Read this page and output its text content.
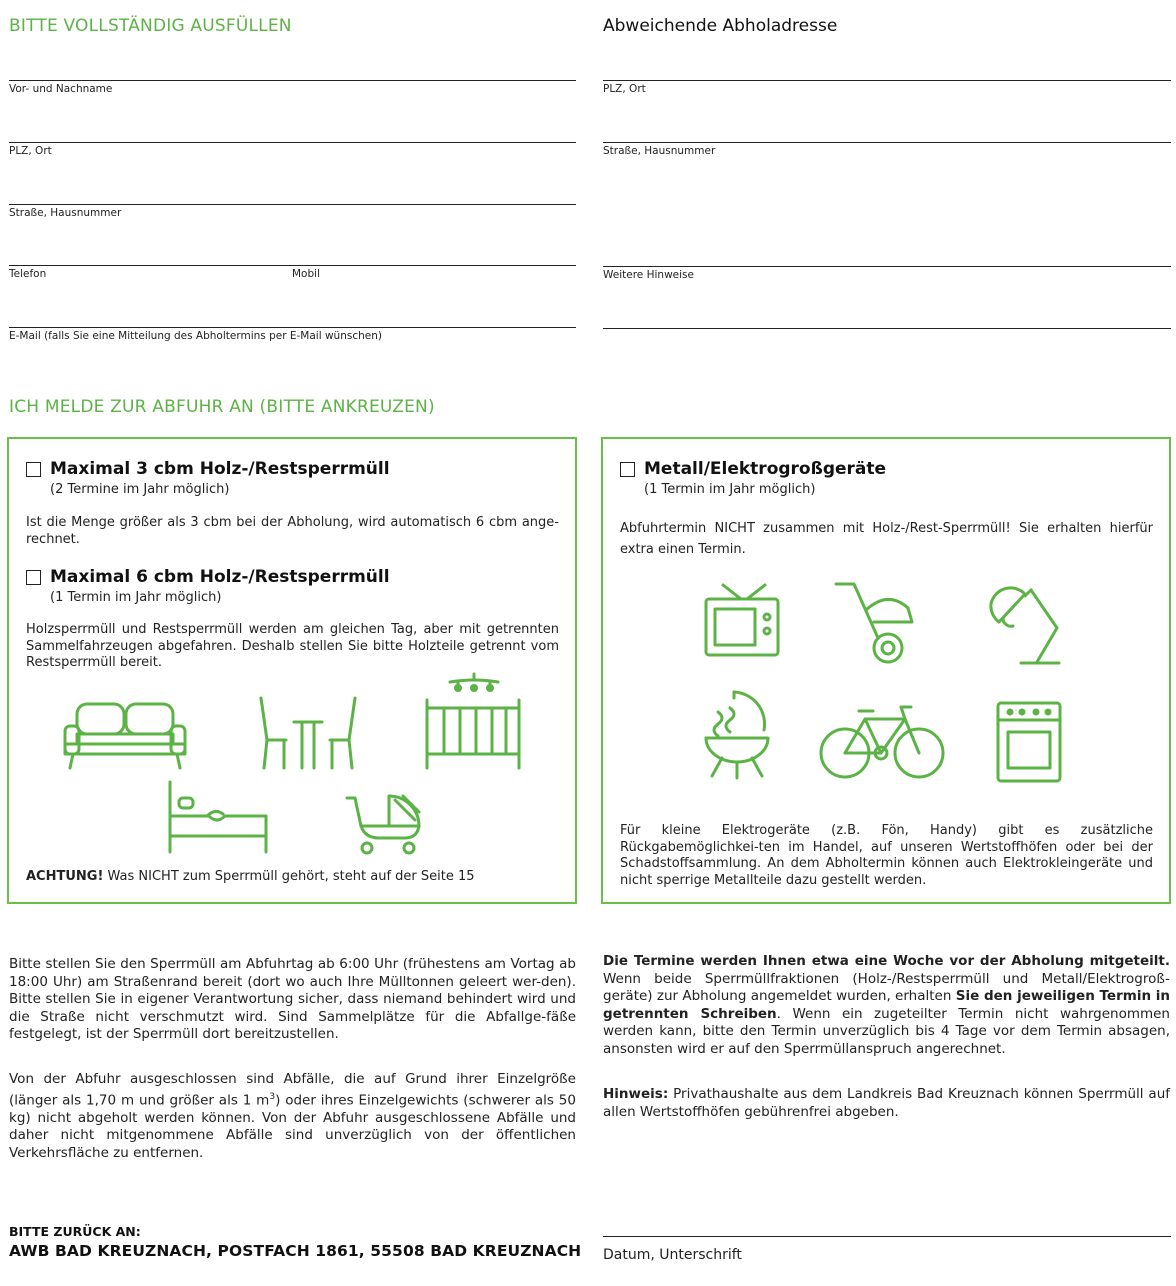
BITTE VOLLSTÄNDIG AUSFÜLLEN
Vor- und Nachname
PLZ, Ort
Straße, Hausnummer
Telefon	Mobil
E-Mail (falls Sie eine Mitteilung des Abholtermins per E-Mail wünschen)
Abweichende Abholadresse
PLZ, Ort
Straße, Hausnummer
Weitere Hinweise
ICH MELDE ZUR ABFUHR AN (BITTE ANKREUZEN)
Maximal 3 cbm Holz-/Restsperrmüll
(2 Termine im Jahr möglich)
Ist die Menge größer als 3 cbm bei der Abholung, wird automatisch 6 cbm ange-rechnet.
Maximal 6 cbm Holz-/Restsperrmüll
(1 Termin im Jahr möglich)
Holzsperrmüll und Restsperrmüll werden am gleichen Tag, aber mit getrennten Sammelfahrzeugen abgefahren. Deshalb stellen Sie bitte Holzteile getrennt vom Restsperrmüll bereit.
ACHTUNG! Was NICHT zum Sperrmüll gehört, steht auf der Seite 15
Metall/Elektrogroßgeräte
(1 Termin im Jahr möglich)
Abfuhrtermin NICHT zusammen mit Holz-/Rest-Sperrmüll! Sie erhalten hierfür extra einen Termin.
Für kleine Elektrogeräte (z.B. Fön, Handy) gibt es zusätzliche Rückgabemöglichkei-ten im Handel, auf unseren Wertstoffhöfen oder bei der Schadstoffsammlung. An dem Abholtermin können auch Elektrokleingeräte und nicht sperrige Metallteile dazu gestellt werden.
Bitte stellen Sie den Sperrmüll am Abfuhrtag ab 6:00 Uhr (frühestens am Vortag ab 18:00 Uhr) am Straßenrand bereit (dort wo auch Ihre Mülltonnen geleert wer-den). Bitte stellen Sie in eigener Verantwortung sicher, dass niemand behindert wird und die Straße nicht verschmutzt wird. Sind Sammelplätze für die Abfallge-fäße festgelegt, ist der Sperrmüll dort bereitzustellen.
Von der Abfuhr ausgeschlossen sind Abfälle, die auf Grund ihrer Einzelgröße (länger als 1,70 m und größer als 1 $m^3$) oder ihres Einzelgewichts (schwerer als 50 kg) nicht abgeholt werden können. Von der Abfuhr ausgeschlossene Abfälle und daher nicht mitgenommene Abfälle sind unverzüglich von der öffentlichen Verkehrsfläche zu entfernen.
Die Termine werden Ihnen etwa eine Woche vor der Abholung mitgeteilt. Wenn beide Sperrmüllfraktionen (Holz-/Restsperrmüll und Metall/Elektrogroß-geräte) zur Abholung angemeldet wurden, erhalten Sie den jeweiligen Termin in getrennten Schreiben. Wenn ein zugeteilter Termin nicht wahrgenommen werden kann, bitte den Termin unverzüglich bis 4 Tage vor dem Termin absagen, ansonsten wird er auf den Sperrmüllanspruch angerechnet.
Hinweis: Privathaushalte aus dem Landkreis Bad Kreuznach können Sperrmüll auf allen Wertstoffhöfen gebührenfrei abgeben.
BITTE ZURÜCK AN:
AWB BAD KREUZNACH, POSTFACH 1861, 55508 BAD KREUZNACH Datum, Unterschrift
